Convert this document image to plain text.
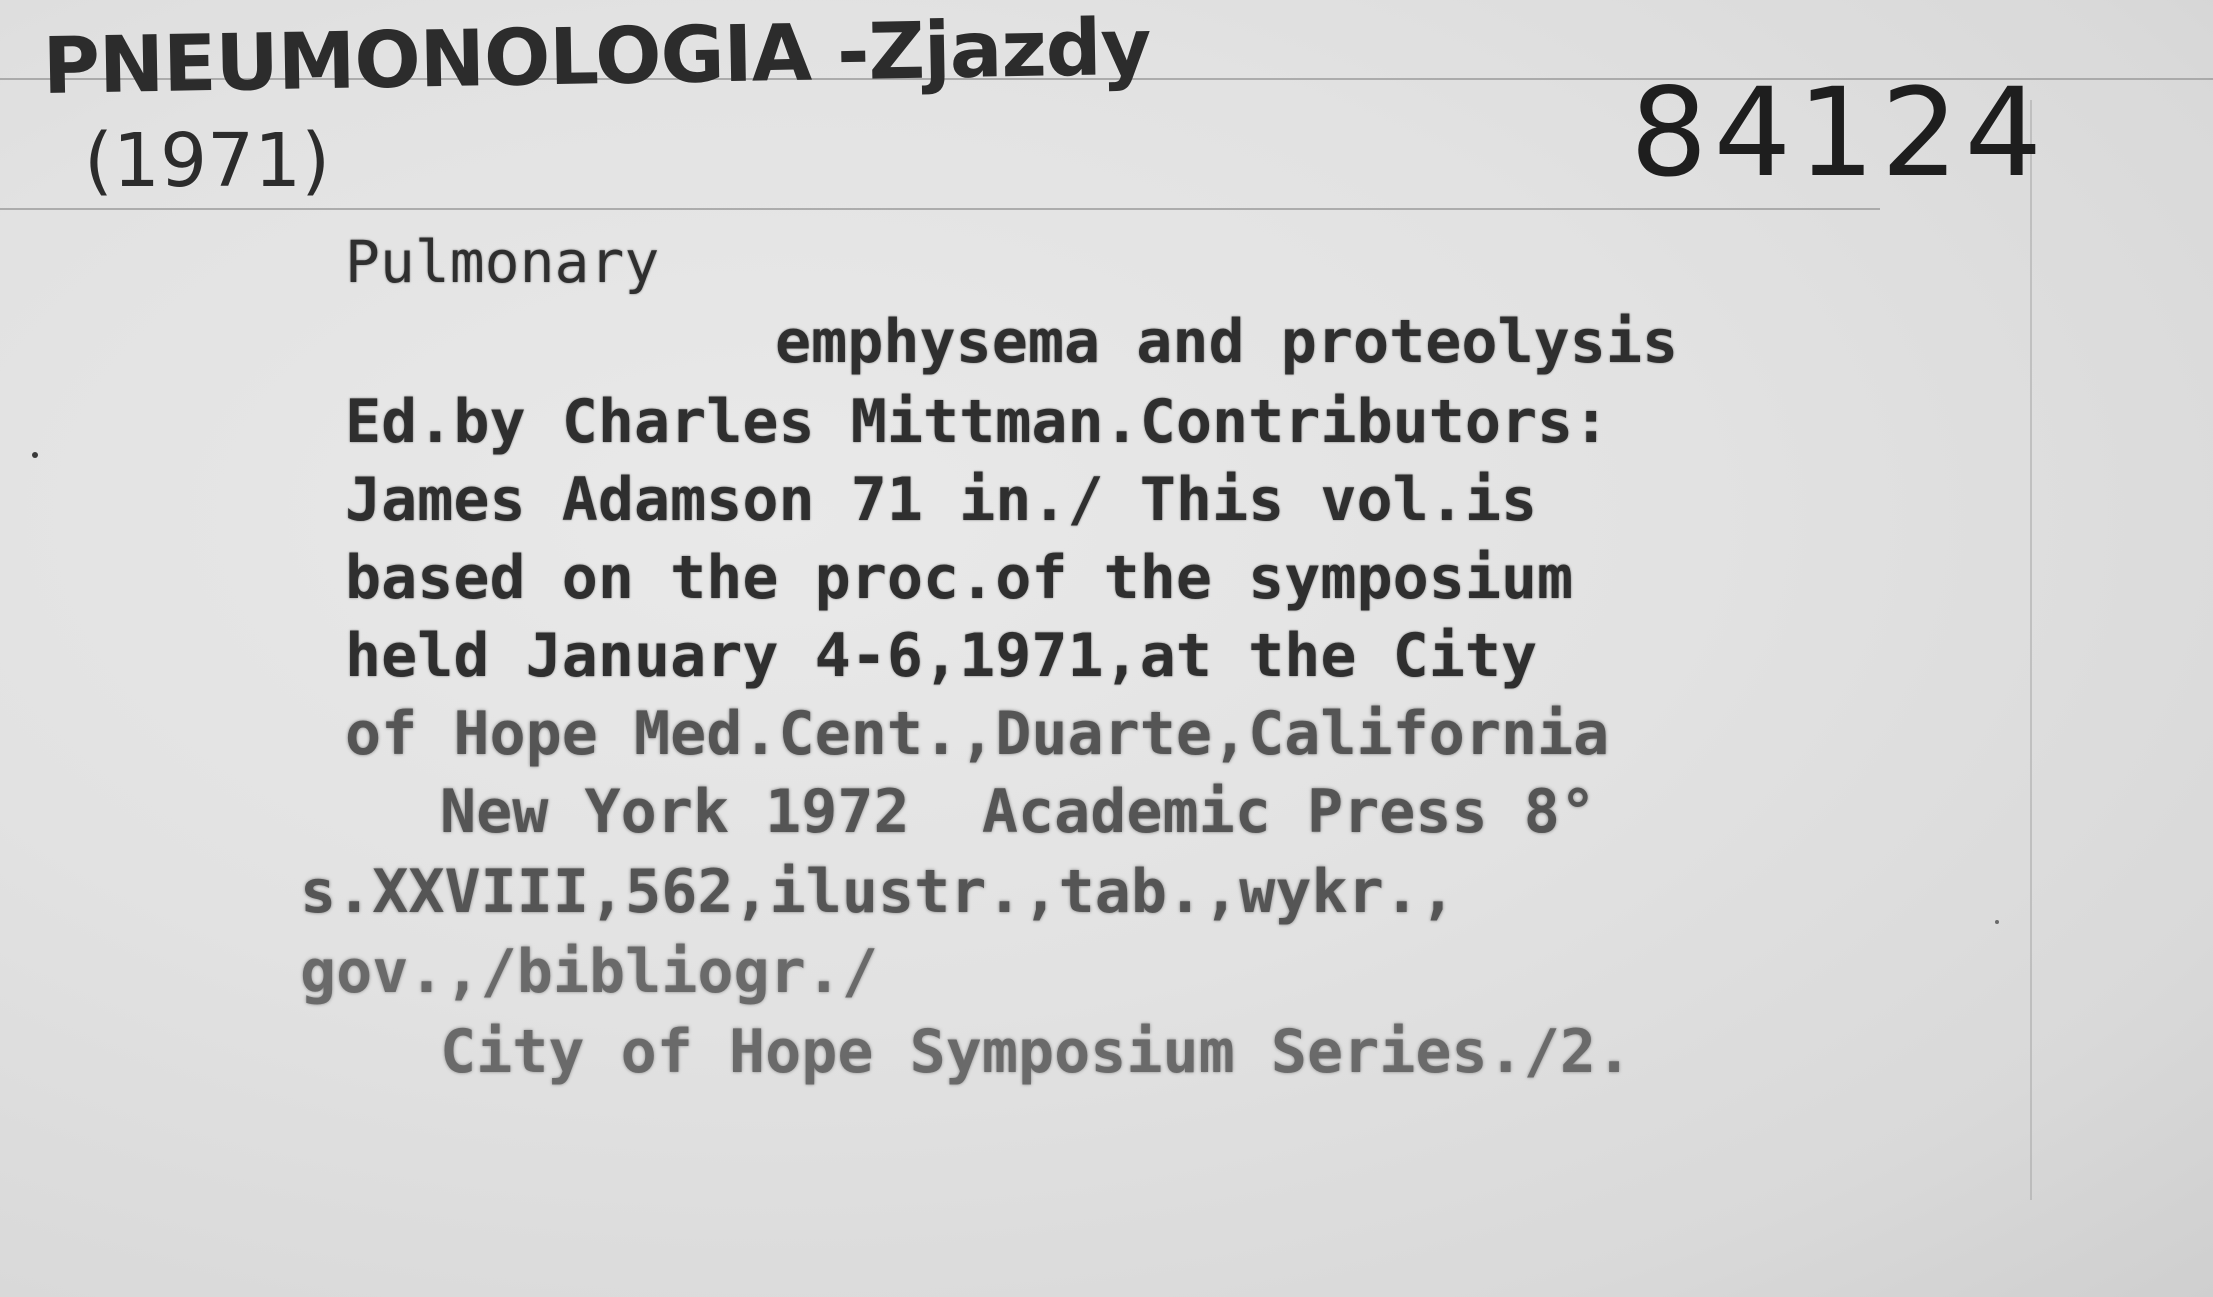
PNEUMONOLOGIA -Zjazdy
(1971)	84124
Pulmonary
emphysema and proteolysis
Ed.by Charles Mittman.Contributors:
James Adamson 71 in./ This vol.is
based on the proc.of the symposium
held January 4-6,1971,at the City
of Hope Med.Cent.,Duarte,California
New York 1972  Academic Press 8°
s.XXVIII,562,ilustr.,tab.,wykr.,
gov.,/bibliogr./
City of Hope Symposium Series./2.
